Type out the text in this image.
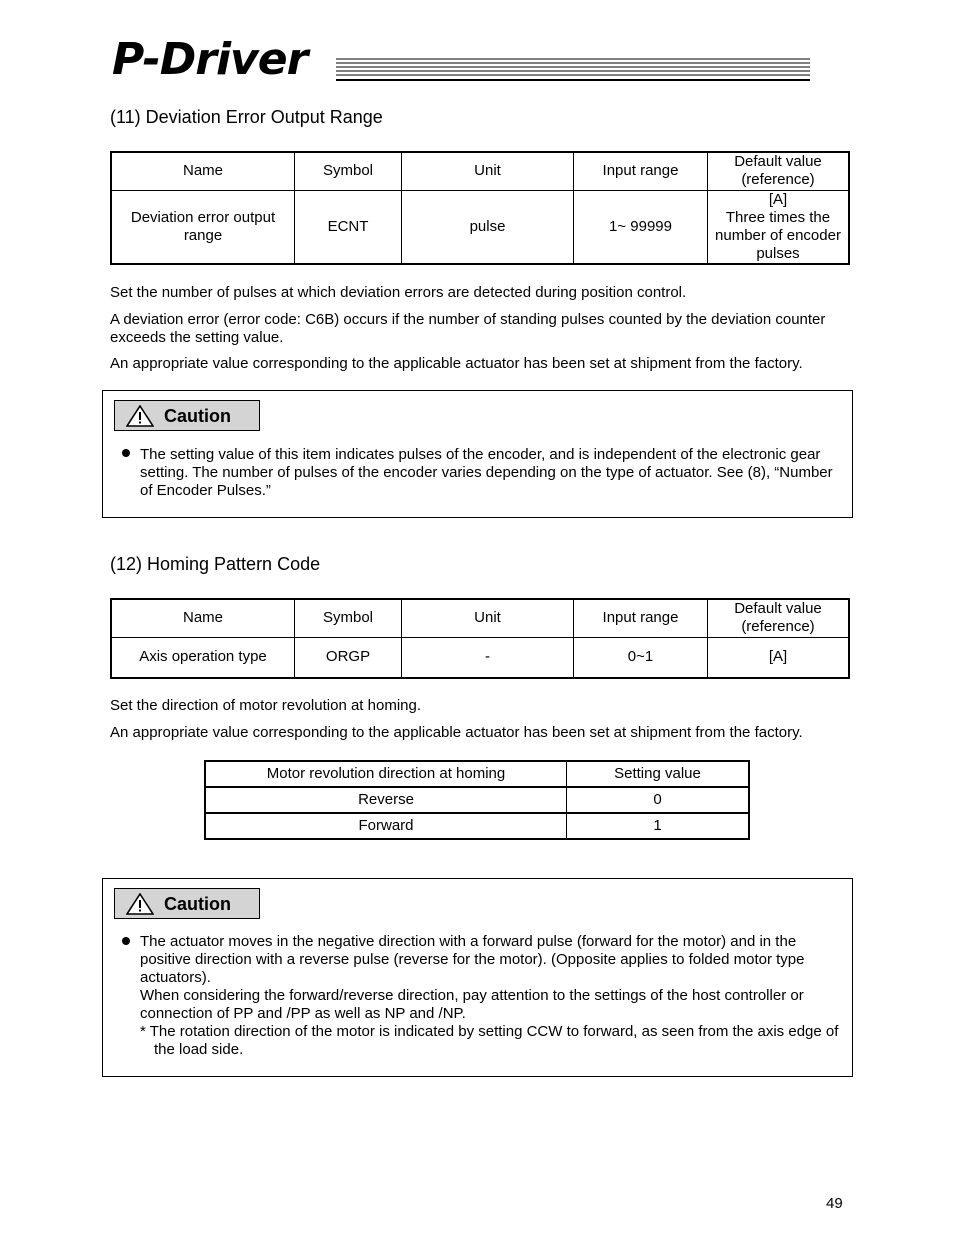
P-Driver
(11) Deviation Error Output Range
Name	Symbol	Unit	Input range	Default value
(reference)
Deviation error output
range	ECNT	pulse	1~ 99999	[A]
Three times the
number of encoder
pulses
Set the number of pulses at which deviation errors are detected during position control.
A deviation error (error code: C6B) occurs if the number of standing pulses counted by the deviation counter exceeds the setting value.
An appropriate value corresponding to the applicable actuator has been set at shipment from the factory.
Caution
The setting value of this item indicates pulses of the encoder, and is independent of the electronic gear setting. The number of pulses of the encoder varies depending on the type of actuator. See (8), “Number of Encoder Pulses.”
(12) Homing Pattern Code
Name	Symbol	Unit	Input range	Default value
(reference)
Axis operation type	ORGP	-	0~1	[A]
Set the direction of motor revolution at homing.
An appropriate value corresponding to the applicable actuator has been set at shipment from the factory.
Motor revolution direction at homing	Setting value
Reverse	0
Forward	1
Caution
The actuator moves in the negative direction with a forward pulse (forward for the motor) and in the positive direction with a reverse pulse (reverse for the motor). (Opposite applies to folded motor type actuators).
When considering the forward/reverse direction, pay attention to the settings of the host controller or connection of PP and /PP as well as NP and /NP.
* The rotation direction of the motor is indicated by setting CCW to forward, as seen from the axis edge of the load side.
49
